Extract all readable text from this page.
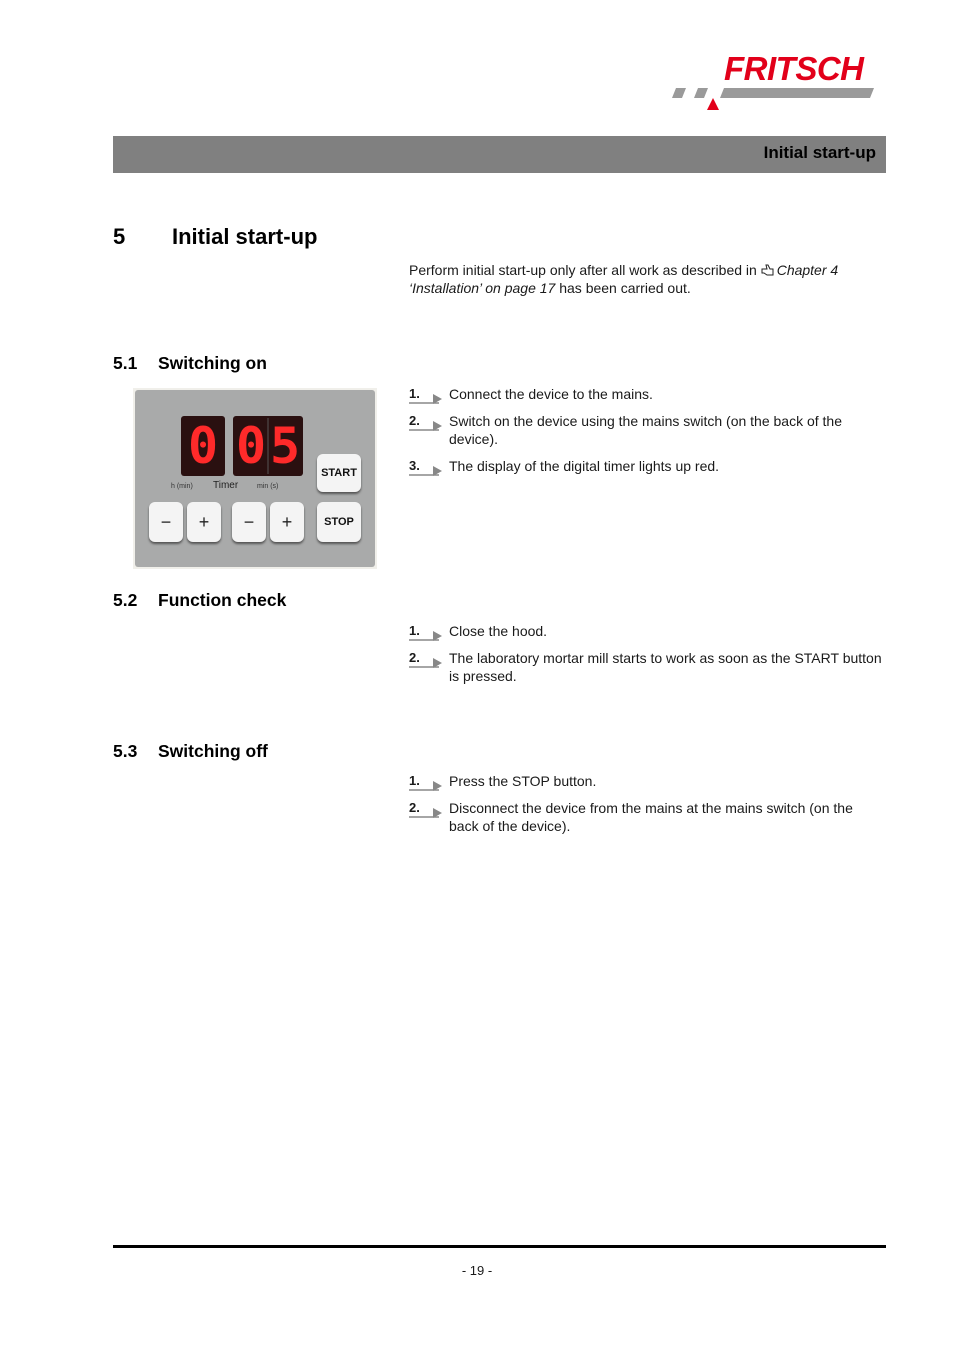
FRITSCH
Initial start-up
5 Initial start-up
Perform initial start-up only after all work as described in Chapter 4 ‘Installation’ on page 17 has been carried out.
5.1 Switching on
0 0 5
h (min) Timer	min (s)
START
STOP
−	+	−	+
1. Connect the device to the mains.
2. Switch on the device using the mains switch (on the back of the device).
3. The display of the digital timer lights up red.
5.2 Function check
1. Close the hood.
2. The laboratory mortar mill starts to work as soon as the START button is pressed.
5.3 Switching off
1. Press the STOP button.
2. Disconnect the device from the mains at the mains switch (on the back of the device).
- 19 -
